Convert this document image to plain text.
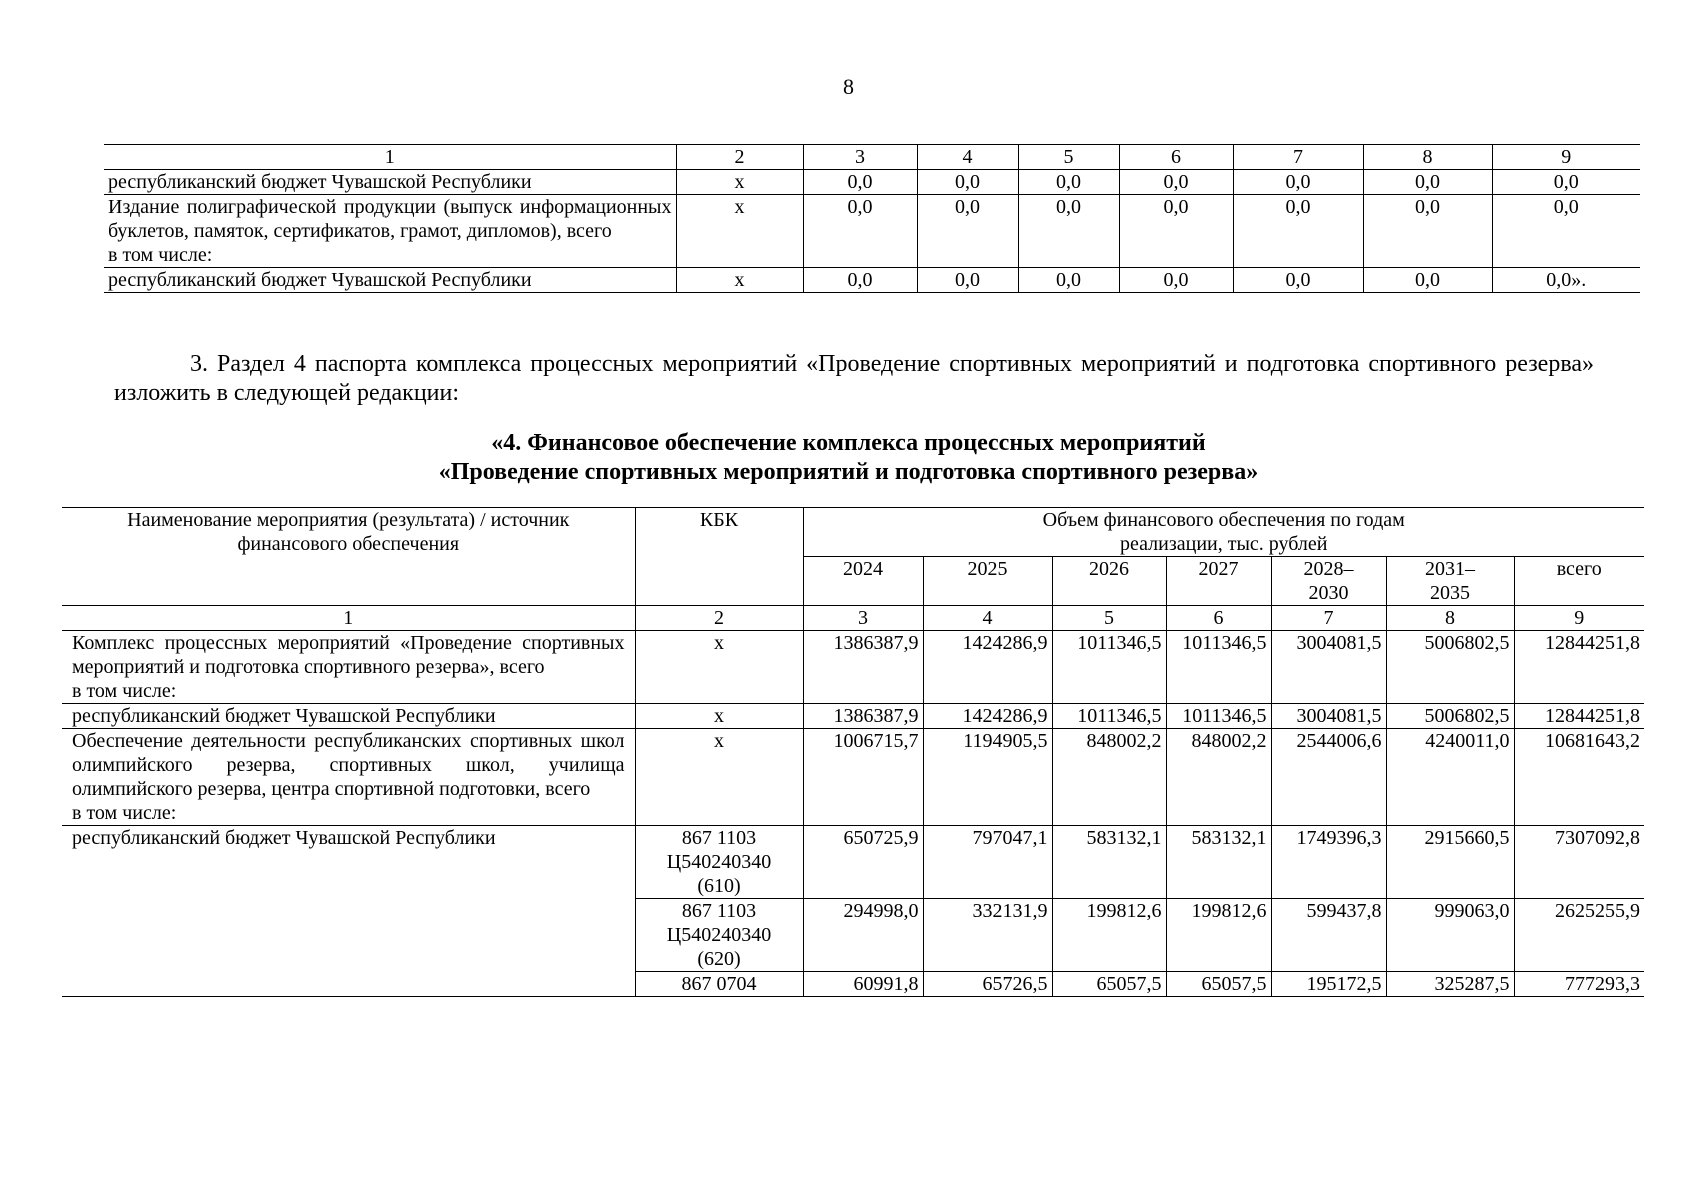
8
1	2	3	4	5	6	7	8	9
республиканский бюджет Чувашской Республики	х	0,0	0,0	0,0	0,0	0,0	0,0	0,0

Издание полиграфической продукции (выпуск информационных буклетов, памяток, сертификатов, грамот, дипломов), всего
в том числе:	х	0,0	0,0	0,0	0,0	0,0	0,0	0,0
республиканский бюджет Чувашской Республики	х	0,0	0,0	0,0	0,0	0,0	0,0	0,0».

3. Раздел 4 паспорта комплекса процессных мероприятий «Проведение спортивных мероприятий и подготовка спортивного резерва» изложить в следующей редакции:

«4. Финансовое обеспечение комплекса процессных мероприятий

«Проведение спортивных мероприятий и подготовка спортивного резерва»

Наименование мероприятия (результата) / источник финансового обеспечения	КБК	Объем финансового обеспечения по годам
реализации, тыс. рублей						

		2024	2025	2026	2027	2028–2030	2031–2035	всего
1	2	3	4	5	6	7	8	9

Комплекс процессных мероприятий «Проведение спортивных мероприятий и подготовка спортивного резерва», всего
в том числе:	х	1386387,9	1424286,9	1011346,5	1011346,5	3004081,5	5006802,5	12844251,8
республиканский бюджет Чувашской Республики	х	1386387,9	1424286,9	1011346,5	1011346,5	3004081,5	5006802,5	12844251,8

Обеспечение деятельности республиканских спортивных школ олимпийского резерва, спортивных школ, училища олимпийского резерва, центра спортивной подготовки, всего
в том числе:	х	1006715,7	1194905,5	848002,2	848002,2	2544006,6	4240011,0	10681643,2
республиканский бюджет Чувашской Республики	867 1103 Ц540240340 (610)	650725,9	797047,1	583132,1	583132,1	1749396,3	2915660,5	7307092,8
	867 1103 Ц540240340 (620)	294998,0	332131,9	199812,6	199812,6	599437,8	999063,0	2625255,9
	867 0704	60991,8	65726,5	65057,5	65057,5	195172,5	325287,5	777293,3
